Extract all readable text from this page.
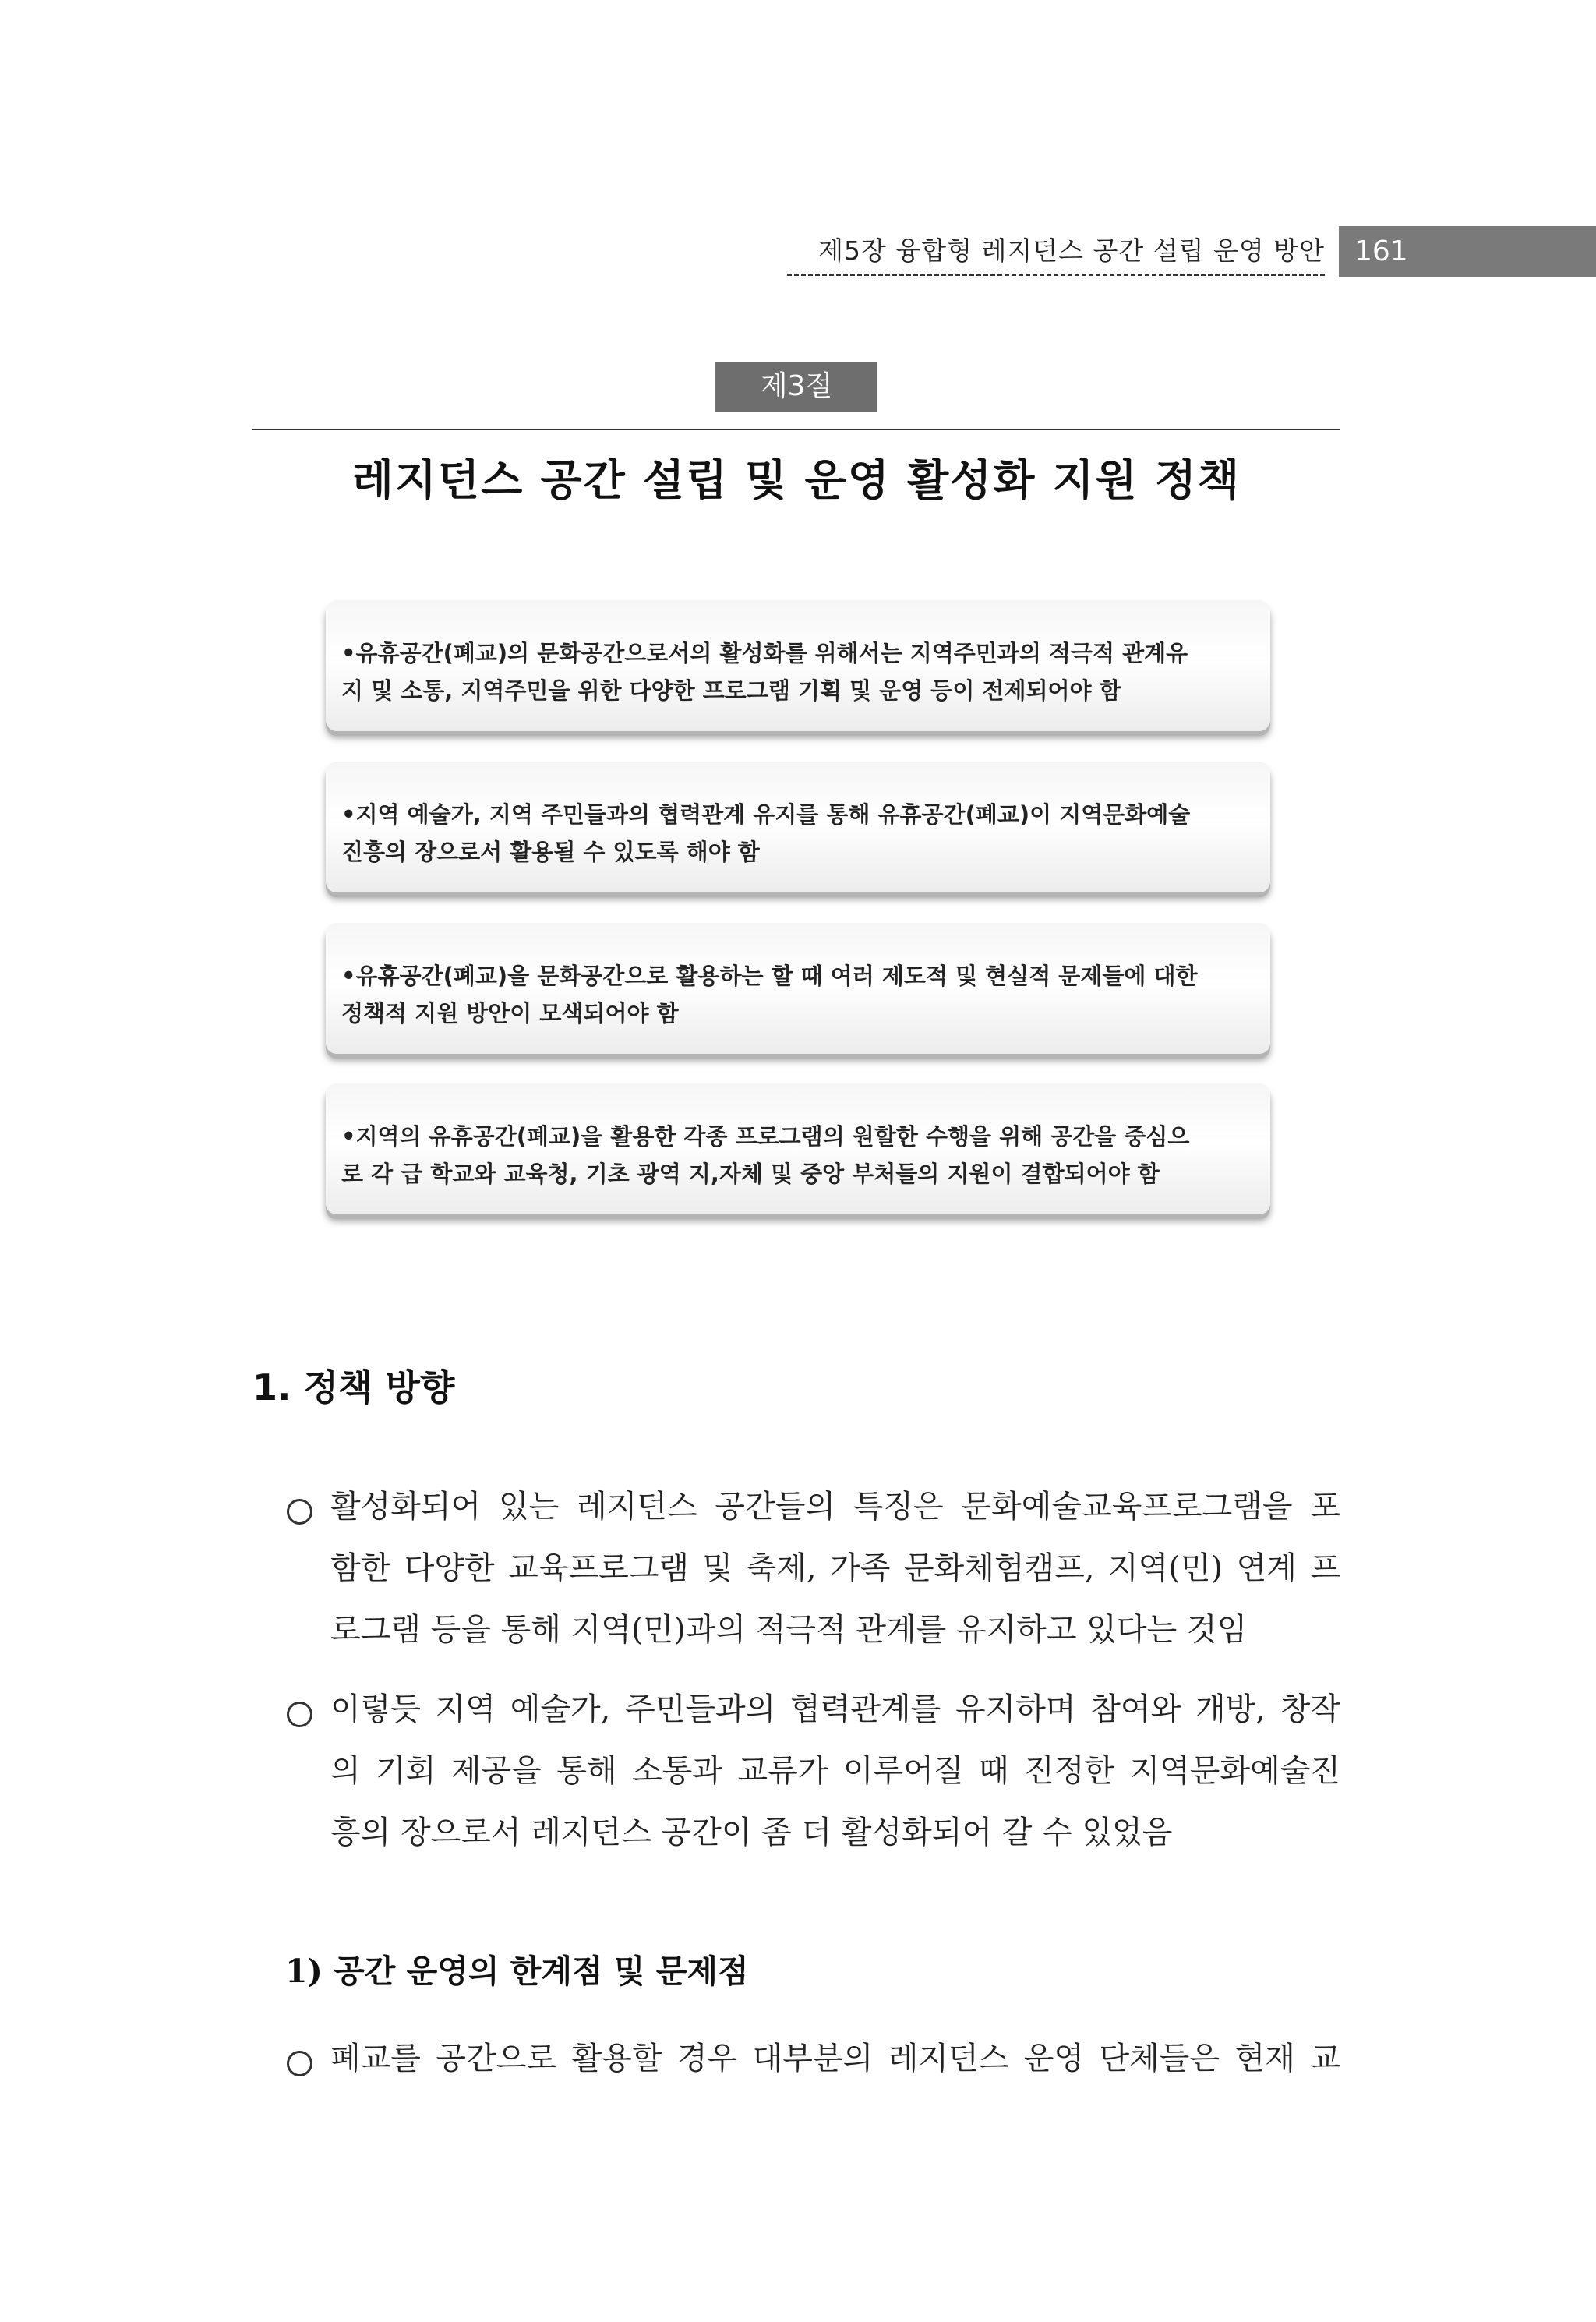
제5장 융합형 레지던스 공간 설립 운영 방안 161
제3절
레지던스 공간 설립 및 운영 활성화 지원 정책
•유휴공간(폐교)의 문화공간으로서의 활성화를 위해서는 지역주민과의 적극적 관계유
지 및 소통, 지역주민을 위한 다양한 프로그램 기획 및 운영 등이 전제되어야 함
•지역 예술가, 지역 주민들과의 협력관계 유지를 통해 유휴공간(폐교)이 지역문화예술
진흥의 장으로서 활용될 수 있도록 해야 함
•유휴공간(폐교)을 문화공간으로 활용하는 할 때 여러 제도적 및 현실적 문제들에 대한
정책적 지원 방안이 모색되어야 함
•지역의 유휴공간(폐교)을 활용한 각종 프로그램의 원할한 수행을 위해 공간을 중심으
로 각 급 학교와 교육청, 기초 광역 지,자체 및 중앙 부처들의 지원이 결합되어야 함
1. 정책 방향
활성화되어 있는 레지던스 공간들의 특징은 문화예술교육프로그램을 포
함한 다양한 교육프로그램 및 축제, 가족 문화체험캠프, 지역(민) 연계 프
로그램 등을 통해 지역(민)과의 적극적 관계를 유지하고 있다는 것임
이렇듯 지역 예술가, 주민들과의 협력관계를 유지하며 참여와 개방, 창작
의 기회 제공을 통해 소통과 교류가 이루어질 때 진정한 지역문화예술진
흥의 장으로서 레지던스 공간이 좀 더 활성화되어 갈 수 있었음
1) 공간 운영의 한계점 및 문제점
폐교를 공간으로 활용할 경우 대부분의 레지던스 운영 단체들은 현재 교
